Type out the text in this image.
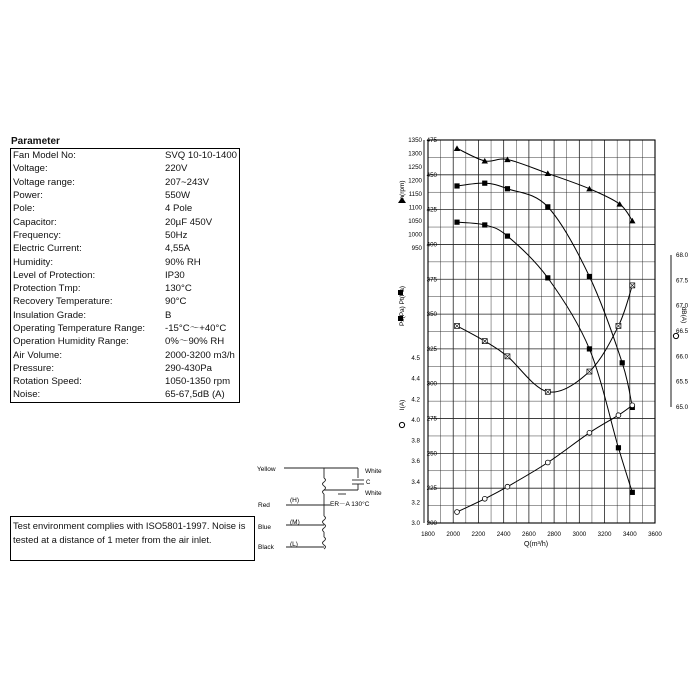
Parameter
Fan Model No:	SVQ 10-10-1400
Voltage:	220V
Voltage range:	207~243V
Power:	550W
Pole:	4 Pole
Capacitor:	20µF 450V
Frequency:	50Hz
Electric Current:	4,55A
Humidity:	90% RH
Level of Protection:	IP30
Protection Tmp:	130°C
Recovery Temperature:	90°C
Insulation Grade:	B
Operating Temperature Range:	-15°C～+40°C
Operation Humidity Range:	0%～90% RH
Air Volume:	2000-3200 m3/h
Pressure:	290-430Pa
Rotation Speed:	1050-1350 rpm
Noise:	65-67,5dB (A)
Test environment complies with ISO5801-1997. Noise is tested at a distance of 1 meter from the air inlet.
Yellow	White
C
White
Red
(H)
ER－A 130°C
Blue
(M)
Black (L)
1800 2000 2200 2400 2600 2800 3000 3200 3400 3600
200
225
250
275
300
325
350
375
400
425
450
475
950
1000
1050
1100
1150
1200
1250
1300
1350
3.0
3.2
3.4
3.6
3.8
4.0
4.2
4.4
4.5
65.0
65.5
66.0
66.5
67.0
67.5
68.0
Q(m³/h)
n(rpm)
Ps(Pa) Pt(Pa)
I(A)
dB(A)
